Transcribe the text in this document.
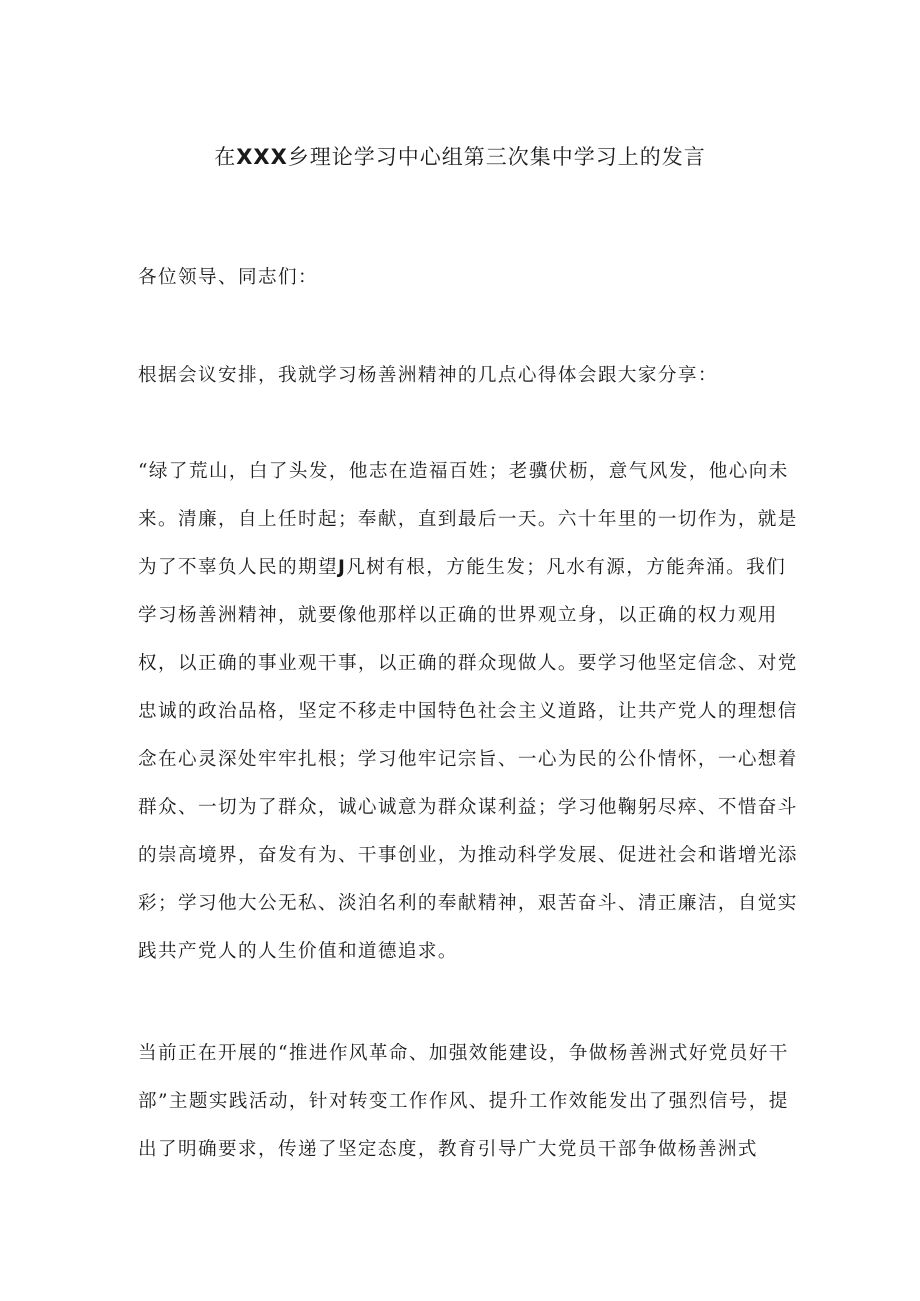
在XXX乡理论学习中心组第三次集中学习上的发言

各位领导、同志们：

根据会议安排，我就学习杨善洲精神的几点心得体会跟大家分享：

“绿了荒山，白了头发，他志在造福百姓；老骥伏枥，意气风发，他心向未来。清廉，自上任时起；奉献，直到最后一天。六十年里的一切作为，就是为了不辜负人民的期望J凡树有根，方能生发；凡水有源，方能奔涌。我们学习杨善洲精神，就要像他那样以正确的世界观立身，以正确的权力观用权，以正确的事业观干事，以正确的群众现做人。要学习他坚定信念、对党忠诚的政治品格，坚定不移走中国特色社会主义道路，让共产党人的理想信念在心灵深处牢牢扎根；学习他牢记宗旨、一心为民的公仆情怀，一心想着群众、一切为了群众，诚心诚意为群众谋利益；学习他鞠躬尽瘁、不惜奋斗的崇高境界，奋发有为、干事创业，为推动科学发展、促进社会和谐增光添彩；学习他大公无私、淡泊名利的奉献精神，艰苦奋斗、清正廉洁，自觉实践共产党人的人生价值和道德追求。

当前正在开展的“推进作风革命、加强效能建设，争做杨善洲式好党员好干部”主题实践活动，针对转变工作作风、提升工作效能发出了强烈信号，提出了明确要求，传递了坚定态度，教育引导广大党员干部争做杨善洲式
